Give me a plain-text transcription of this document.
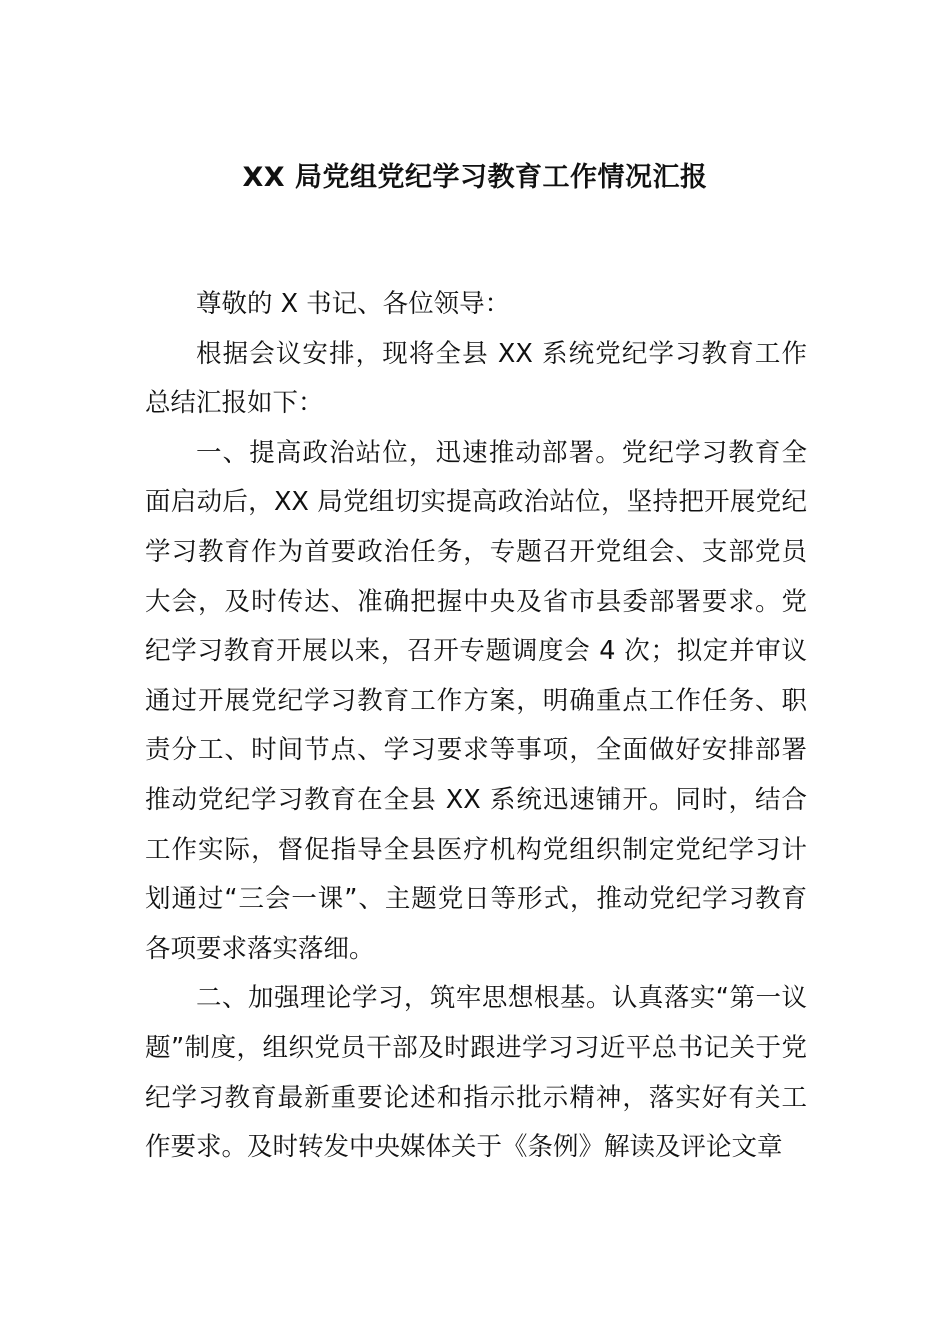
XX 局党组党纪学习教育工作情况汇报

尊敬的 X 书记、各位领导：

根据会议安排，现将全县 XX 系统党纪学习教育工作总结汇报如下：

一、提高政治站位，迅速推动部署。党纪学习教育全面启动后，XX 局党组切实提高政治站位，坚持把开展党纪学习教育作为首要政治任务，专题召开党组会、支部党员大会，及时传达、准确把握中央及省市县委部署要求。党纪学习教育开展以来，召开专题调度会 4 次；拟定并审议通过开展党纪学习教育工作方案，明确重点工作任务、职责分工、时间节点、学习要求等事项，全面做好安排部署推动党纪学习教育在全县 XX 系统迅速铺开。同时，结合工作实际，督促指导全县医疗机构党组织制定党纪学习计划通过“三会一课”、主题党日等形式，推动党纪学习教育各项要求落实落细。

二、加强理论学习，筑牢思想根基。认真落实“第一议题”制度，组织党员干部及时跟进学习习近平总书记关于党纪学习教育最新重要论述和指示批示精神，落实好有关工作要求。及时转发中央媒体关于《条例》解读及评论文章
